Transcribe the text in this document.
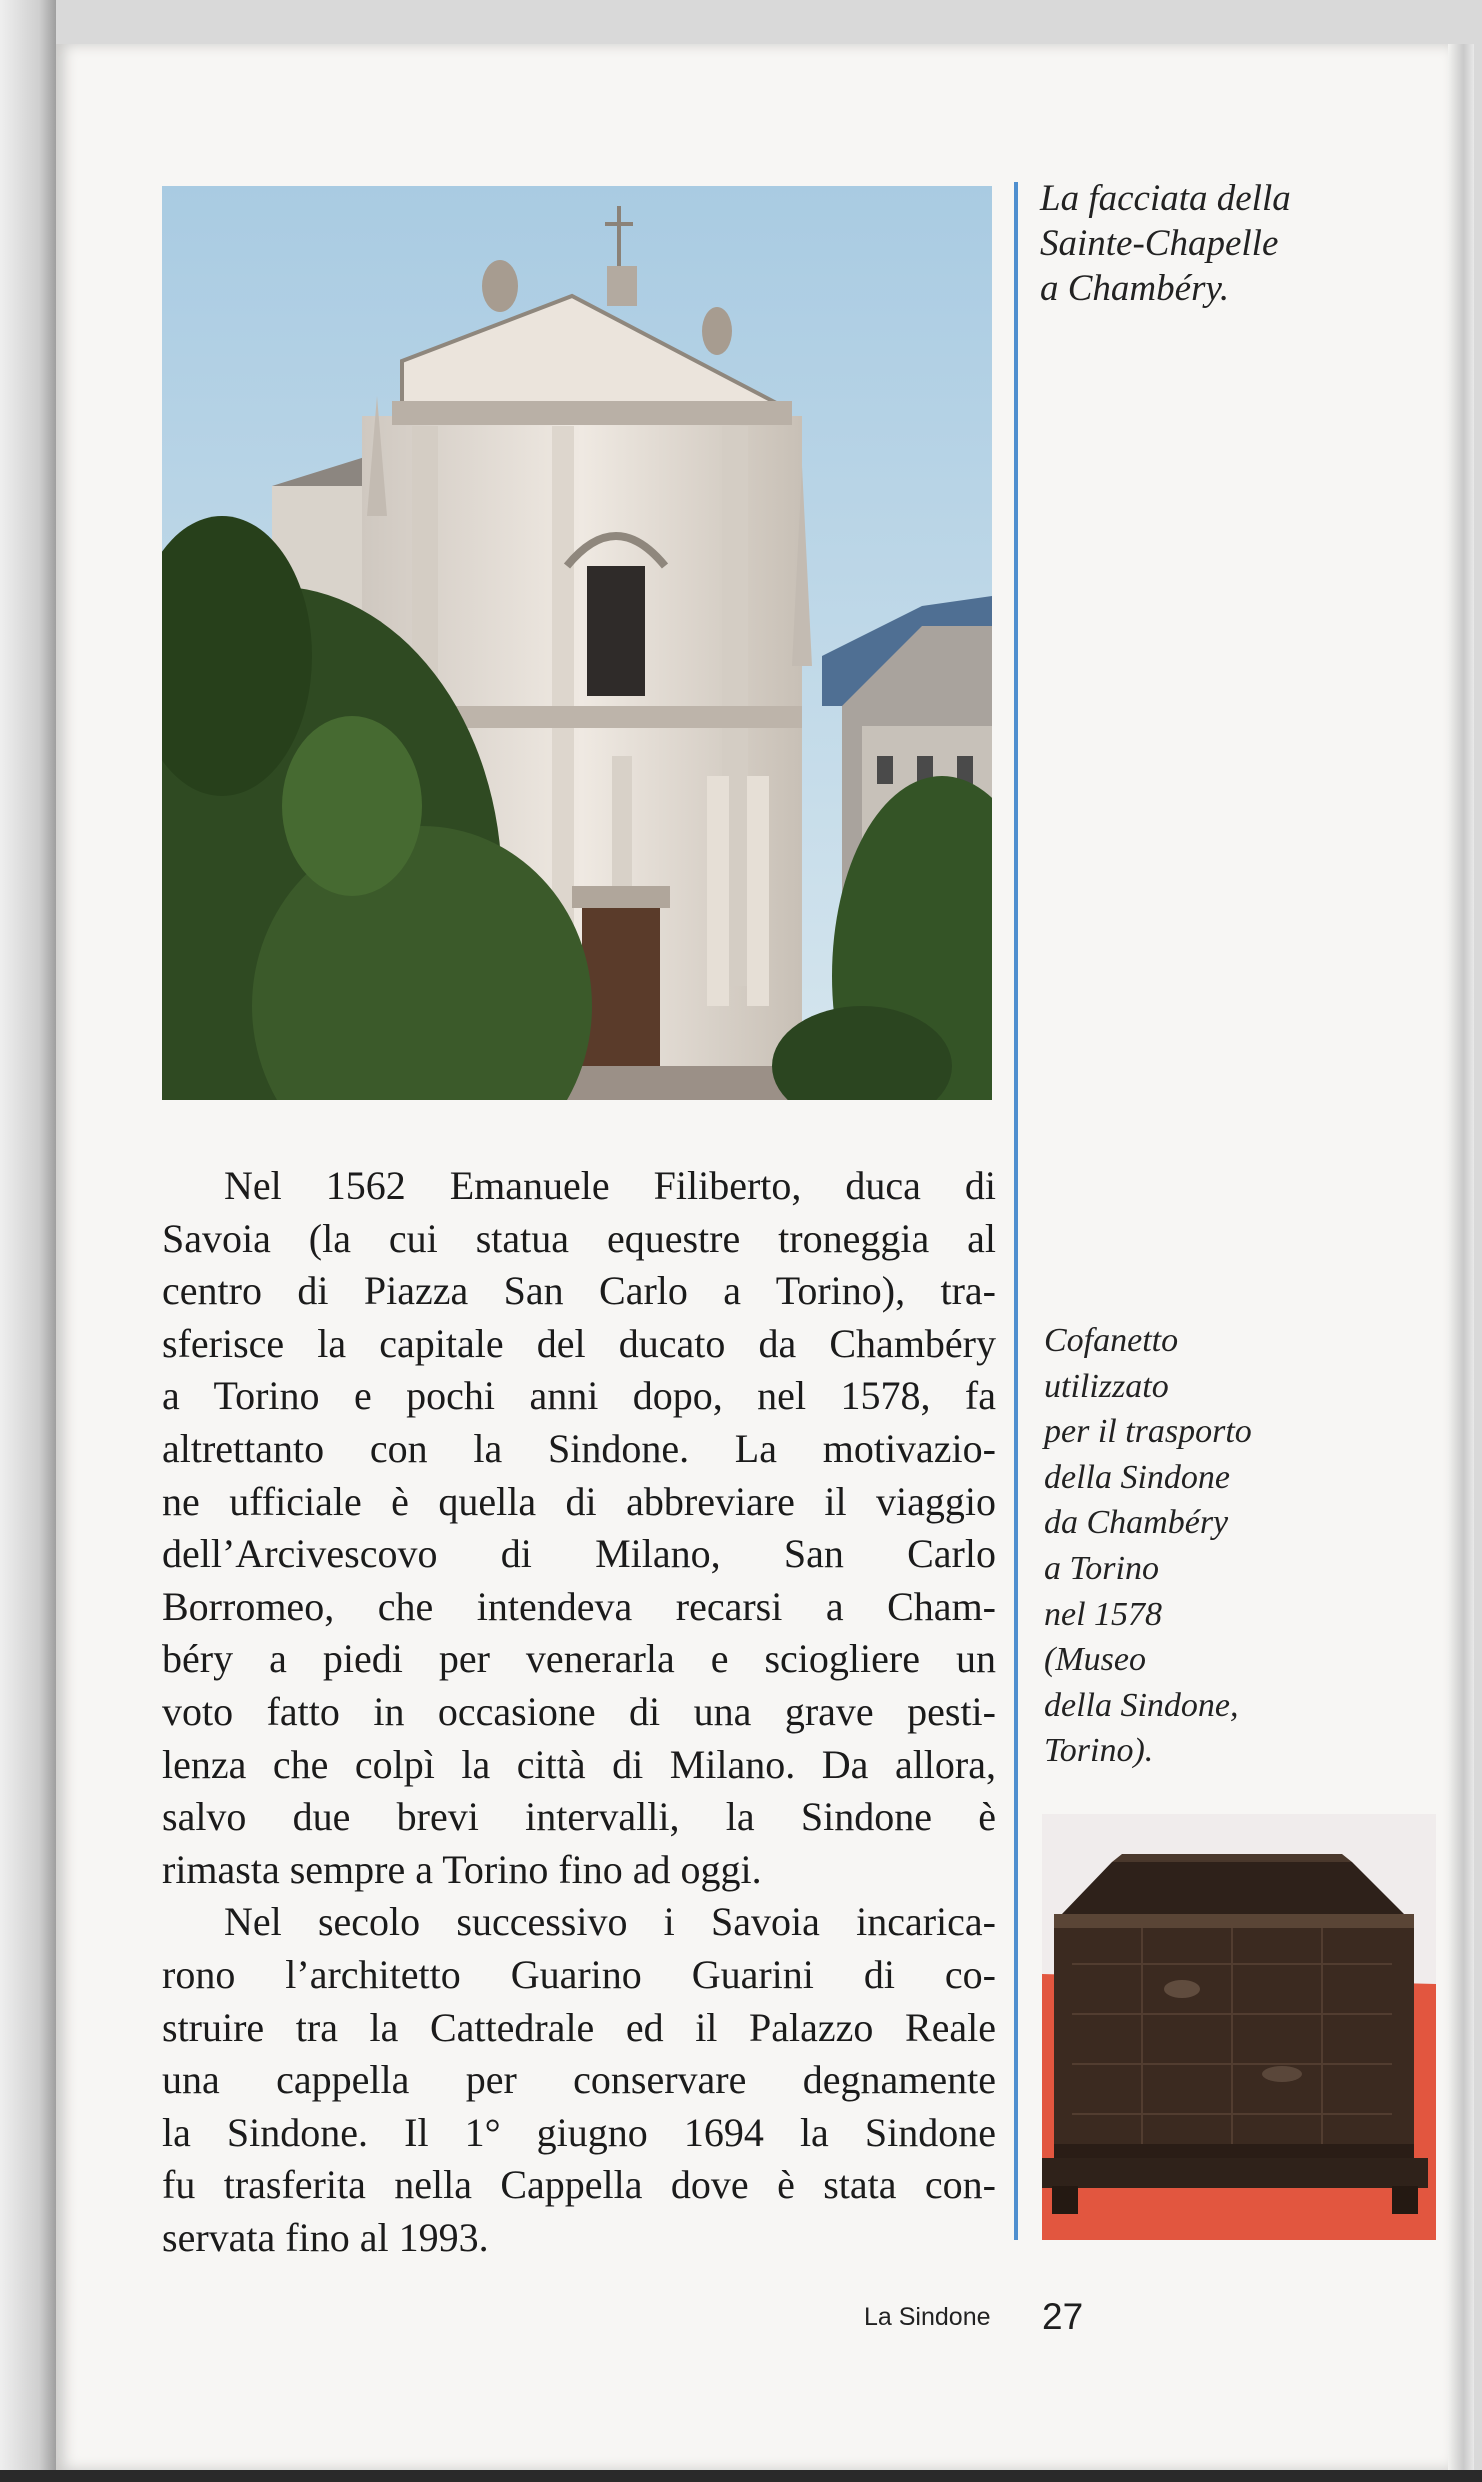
La facciata della
Sainte-Chapelle
a Chambéry.
Cofanetto
utilizzato
per il trasporto
della Sindone
da Chambéry
a Torino
nel 1578
(Museo
della Sindone,
Torino).
Nel 1562 Emanuele Filiberto, duca di
Savoia (la cui statua equestre troneggia al
centro di Piazza San Carlo a Torino), tra-
sferisce la capitale del ducato da Chambéry
a Torino e pochi anni dopo, nel 1578, fa
altrettanto con la Sindone. La motivazio-
ne ufficiale è quella di abbreviare il viaggio
dell’Arcivescovo di Milano, San Carlo
Borromeo, che intendeva recarsi a Cham-
béry a piedi per venerarla e sciogliere un
voto fatto in occasione di una grave pesti-
lenza che colpì la città di Milano. Da allora,
salvo due brevi intervalli, la Sindone è
rimasta sempre a Torino fino ad oggi.
Nel secolo successivo i Savoia incarica-
rono l’architetto Guarino Guarini di co-
struire tra la Cattedrale ed il Palazzo Reale
una cappella per conservare degnamente
la Sindone. Il 1° giugno 1694 la Sindone
fu trasferita nella Cappella dove è stata con-
servata fino al 1993.
La Sindone 27
